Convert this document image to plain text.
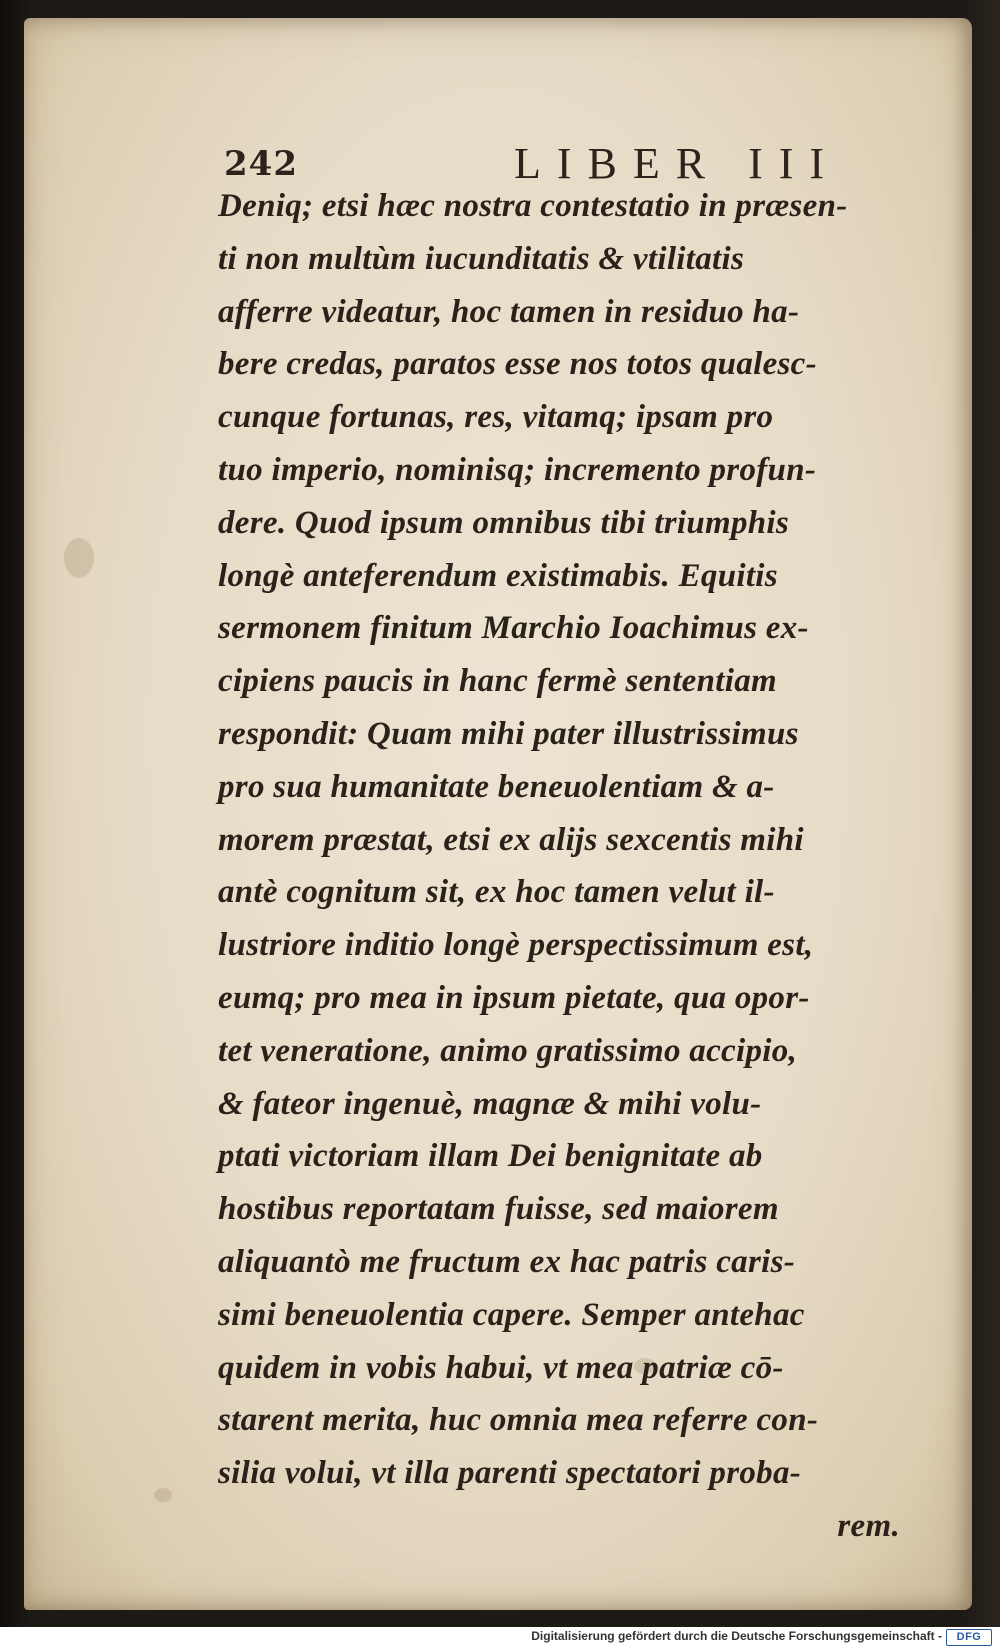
242	LIBER III
Deniq; etsi hæc nostra contestatio in præsen-
ti non multùm iucunditatis & vtilitatis
afferre videatur, hoc tamen in residuo ha-
bere credas, paratos esse nos totos qualesc-
cunque fortunas, res, vitamq; ipsam pro
tuo imperio, nominisq; incremento profun-
dere. Quod ipsum omnibus tibi triumphis
longè anteferendum existimabis. Equitis
sermonem finitum Marchio Ioachimus ex-
cipiens paucis in hanc fermè sententiam
respondit: Quam mihi pater illustrissimus
pro sua humanitate beneuolentiam & a-
morem præstat, etsi ex alijs sexcentis mihi
antè cognitum sit, ex hoc tamen velut il-
lustriore inditio longè perspectissimum est,
eumq; pro mea in ipsum pietate, qua opor-
tet veneratione, animo gratissimo accipio,
& fateor ingenuè, magnæ & mihi volu-
ptati victoriam illam Dei benignitate ab
hostibus reportatam fuisse, sed maiorem
aliquantò me fructum ex hac patris caris-
simi beneuolentia capere. Semper antehac
quidem in vobis habui, vt mea patriæ cō-
starent merita, huc omnia mea referre con-
silia volui, vt illa parenti spectatori proba-
rem.
Digitalisierung gefördert durch die Deutsche Forschungsgemeinschaft -	DFG
